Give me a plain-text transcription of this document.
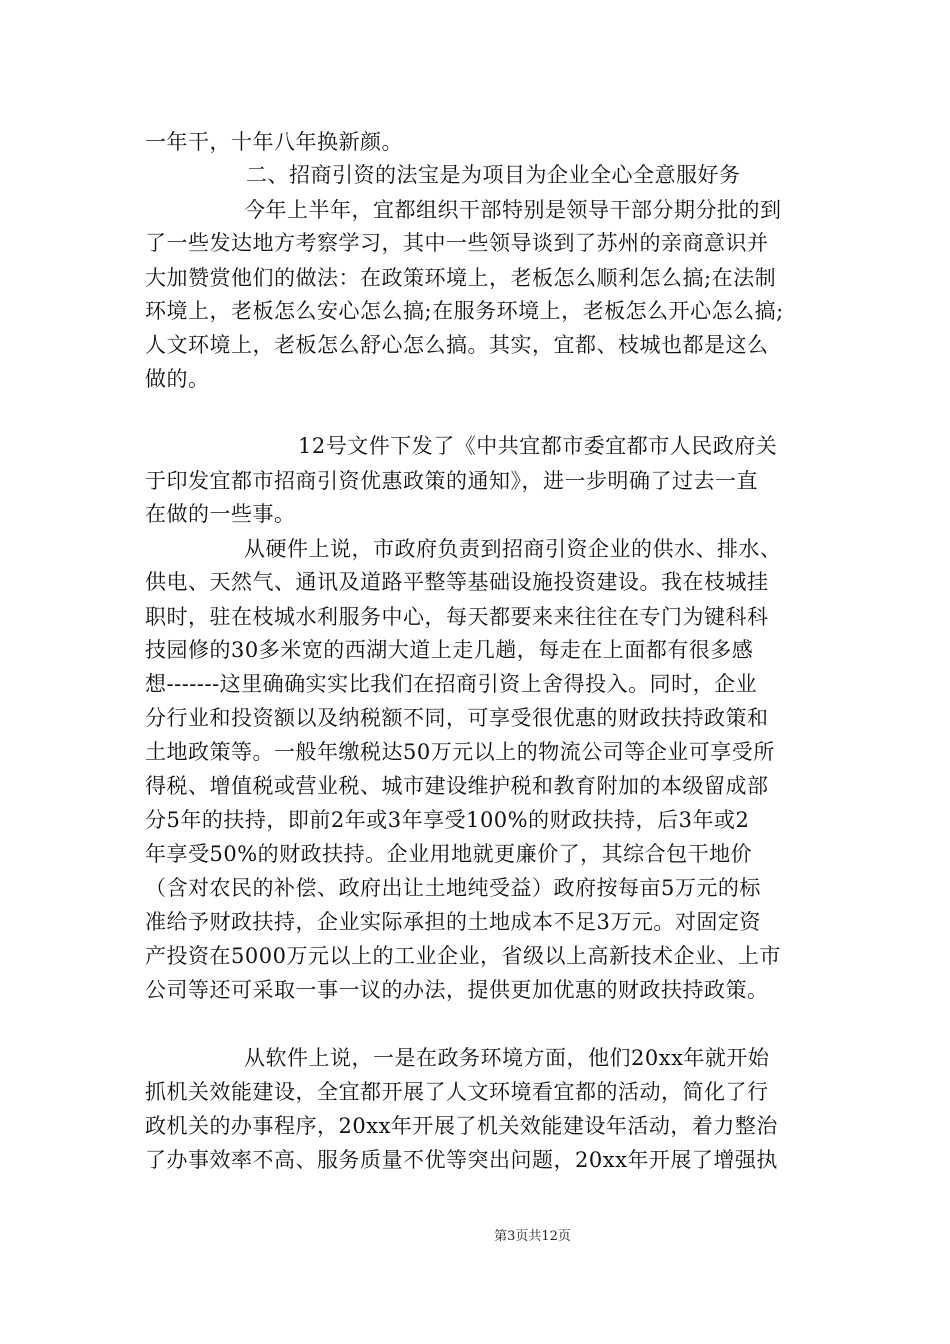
一年干，十年八年换新颜。
二、招商引资的法宝是为项目为企业全心全意服好务
今年上半年，宜都组织干部特别是领导干部分期分批的到
了一些发达地方考察学习，其中一些领导谈到了苏州的亲商意识并
大加赞赏他们的做法：在政策环境上，老板怎么顺利怎么搞;在法制
环境上，老板怎么安心怎么搞;在服务环境上，老板怎么开心怎么搞;
人文环境上，老板怎么舒心怎么搞。其实，宜都、枝城也都是这么
做的。
12号文件下发了《中共宜都市委宜都市人民政府关
于印发宜都市招商引资优惠政策的通知》，进一步明确了过去一直
在做的一些事。
从硬件上说，市政府负责到招商引资企业的供水、排水、
供电、天然气、通讯及道路平整等基础设施投资建设。我在枝城挂
职时，驻在枝城水利服务中心，每天都要来来往往在专门为键科科
技园修的30多米宽的西湖大道上走几趟，每走在上面都有很多感
想-------这里确确实实比我们在招商引资上舍得投入。同时，企业
分行业和投资额以及纳税额不同，可享受很优惠的财政扶持政策和
土地政策等。一般年缴税达50万元以上的物流公司等企业可享受所
得税、增值税或营业税、城市建设维护税和教育附加的本级留成部
分5年的扶持，即前2年或3年享受100%的财政扶持，后3年或2
年享受50%的财政扶持。企业用地就更廉价了，其综合包干地价
（含对农民的补偿、政府出让土地纯受益）政府按每亩5万元的标
准给予财政扶持，企业实际承担的土地成本不足3万元。对固定资
产投资在5000万元以上的工业企业，省级以上高新技术企业、上市
公司等还可采取一事一议的办法，提供更加优惠的财政扶持政策。
从软件上说，一是在政务环境方面，他们20xx年就开始
抓机关效能建设，全宜都开展了人文环境看宜都的活动，简化了行
政机关的办事程序，20xx年开展了机关效能建设年活动，着力整治
了办事效率不高、服务质量不优等突出问题，20xx年开展了增强执
第3页共12页
